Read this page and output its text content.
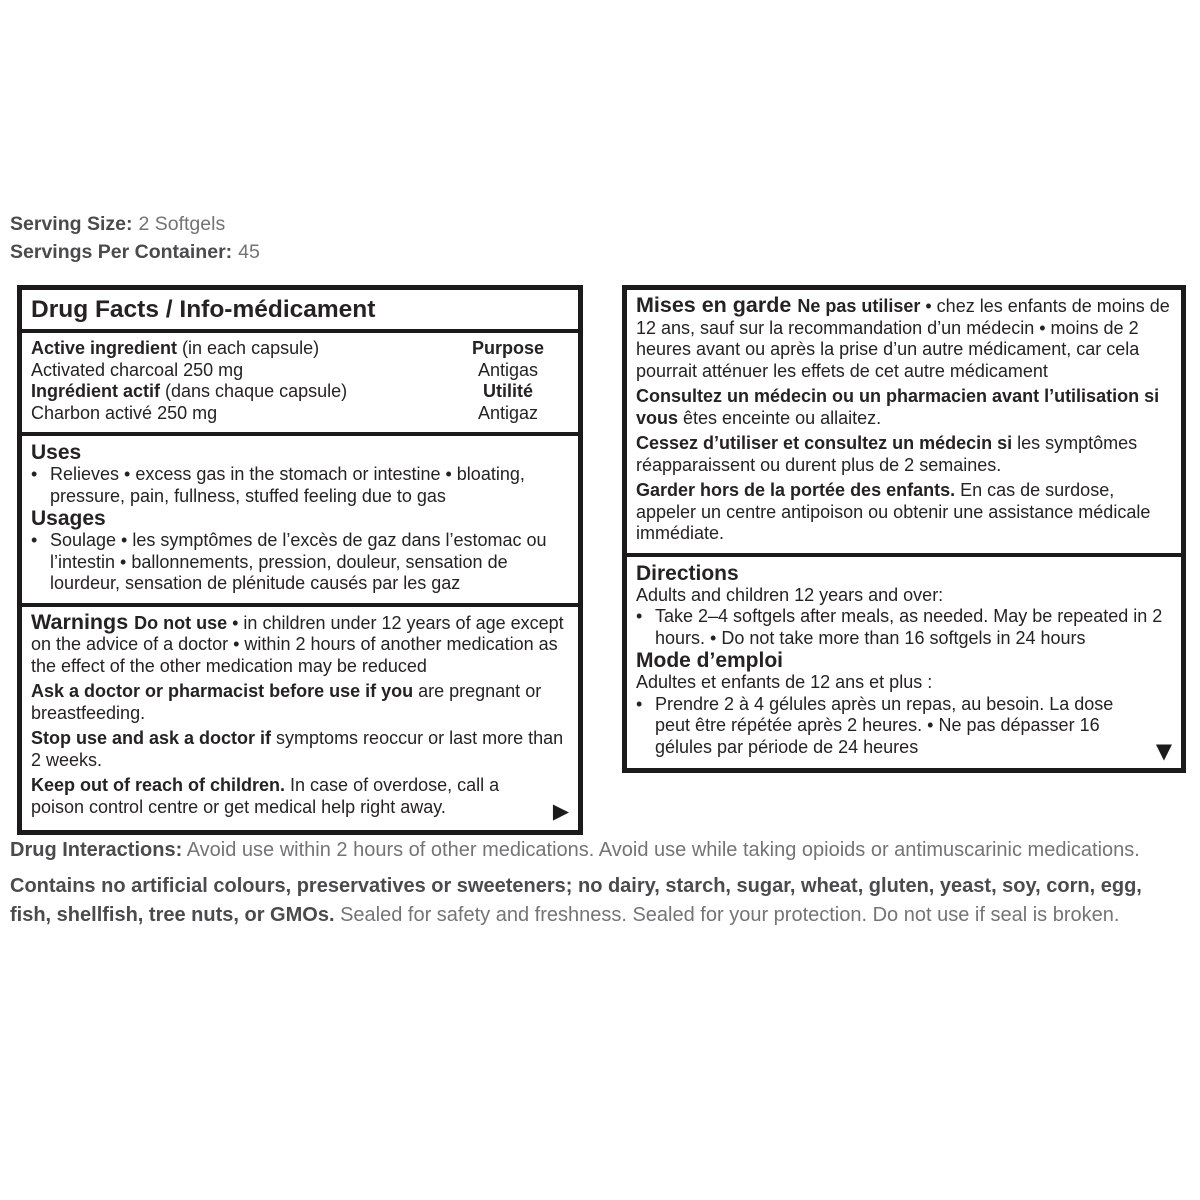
Serving Size: 2 Softgels
Servings Per Container: 45
Drug Facts / Info-médicament
Active ingredient (in each capsule)	Purpose
Activated charcoal 250 mg	Antigas
Ingrédient actif (dans chaque capsule)	Utilité
Charbon activé 250 mg	Antigaz
Uses
• Relieves • excess gas in the stomach or intestine • bloating, pressure, pain, fullness, stuffed feeling due to gas
Usages
• Soulage • les symptômes de l’excès de gaz dans l’estomac ou l’intestin • ballonnements, pression, douleur, sensation de lourdeur, sensation de plénitude causés par les gaz

Warnings Do not use • in children under 12 years of age except on the advice of a doctor • within 2 hours of another medication as the effect of the other medication may be reduced

Ask a doctor or pharmacist before use if you are pregnant or breastfeeding.

Stop use and ask a doctor if symptoms reoccur or last more than 2 weeks.

Keep out of reach of children. In case of overdose, call a poison control centre or get medical help right away.	▶

Mises en garde Ne pas utiliser • chez les enfants de moins de 12 ans, sauf sur la recommandation d’un médecin • moins de 2 heures avant ou après la prise d’un autre médicament, car cela pourrait atténuer les effets de cet autre médicament

Consultez un médecin ou un pharmacien avant l’utilisation si vous êtes enceinte ou allaitez.

Cessez d’utiliser et consultez un médecin si les symptômes réapparaissent ou durent plus de 2 semaines.

Garder hors de la portée des enfants. En cas de surdose, appeler un centre antipoison ou obtenir une assistance médicale immédiate.

Directions
Adults and children 12 years and over:
• Take 2–4 softgels after meals, as needed. May be repeated in 2 hours. • Do not take more than 16 softgels in 24 hours
Mode d’emploi
Adultes et enfants de 12 ans et plus :
• Prendre 2 à 4 gélules après un repas, au besoin. La dose peut être répétée après 2 heures. • Ne pas dépasser 16 gélules par période de 24 heures	▼

Drug Interactions: Avoid use within 2 hours of other medications. Avoid use while taking opioids or antimuscarinic medications.

Contains no artificial colours, preservatives or sweeteners; no dairy, starch, sugar, wheat, gluten, yeast, soy, corn, egg, fish, shellfish, tree nuts, or GMOs. Sealed for safety and freshness. Sealed for your protection. Do not use if seal is broken.
